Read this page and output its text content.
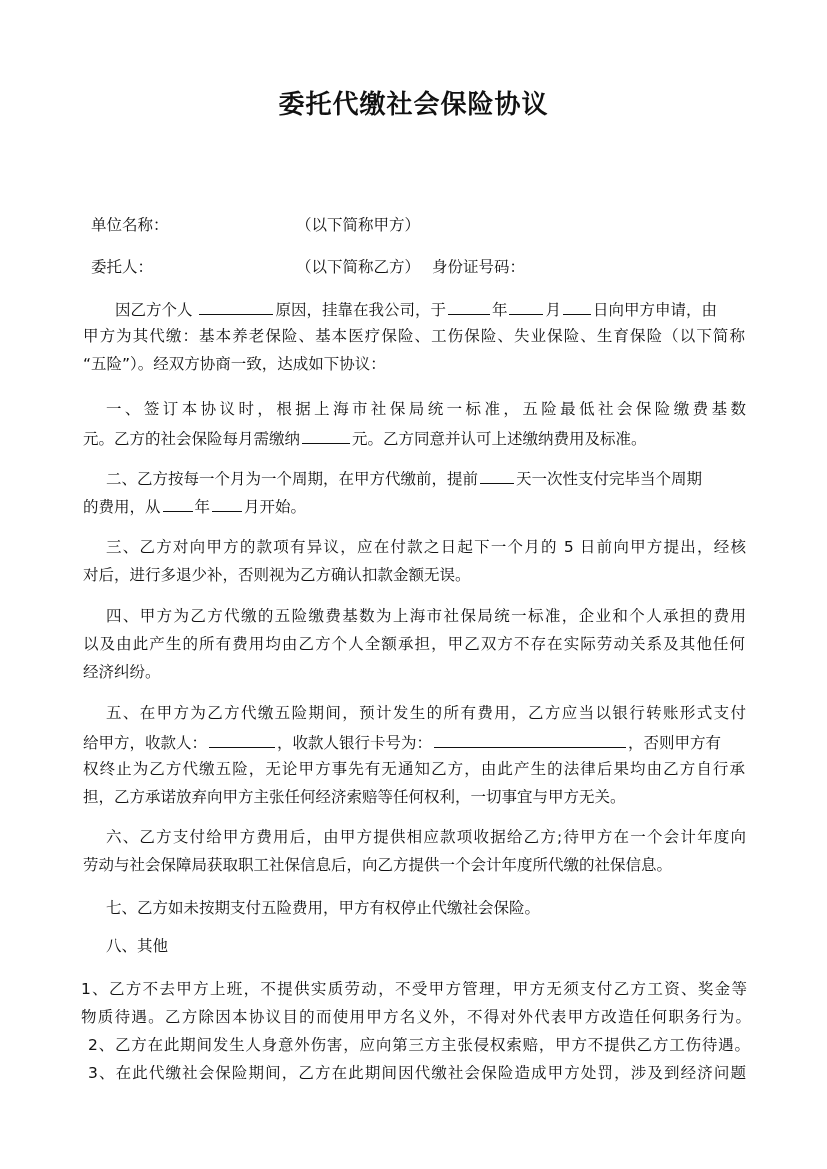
委托代缴社会保险协议
单位名称：	（以下简称甲方）
委托人：	（以下简称乙方） 身份证号码：
因乙方个人	原因，挂靠在我公司，于	年 月 日向甲方申请，由
甲方为其代缴：基本养老保险、基本医疗保险、工伤保险、失业保险、生育保险（以下简称
“五险”）。经双方协商一致，达成如下协议：
一、签订本协议时，根据上海市社保局统一标准，五险最低社会保险缴费基数
元。乙方的社会保险每月需缴纳	元。乙方同意并认可上述缴纳费用及标准。
二、乙方按每一个月为一个周期，在甲方代缴前，提前 天一次性支付完毕当个周期
的费用，从 年 月开始。
三、乙方对向甲方的款项有异议，应在付款之日起下一个月的 5 日前向甲方提出，经核
对后，进行多退少补，否则视为乙方确认扣款金额无误。
四、甲方为乙方代缴的五险缴费基数为上海市社保局统一标准，企业和个人承担的费用
以及由此产生的所有费用均由乙方个人全额承担，甲乙双方不存在实际劳动关系及其他任何
经济纠纷。
五、在甲方为乙方代缴五险期间，预计发生的所有费用，乙方应当以银行转账形式支付
给甲方，收款人：	，收款人银行卡号为：	，否则甲方有
权终止为乙方代缴五险，无论甲方事先有无通知乙方，由此产生的法律后果均由乙方自行承
担，乙方承诺放弃向甲方主张任何经济索赔等任何权利，一切事宜与甲方无关。
六、乙方支付给甲方费用后，由甲方提供相应款项收据给乙方;待甲方在一个会计年度向
劳动与社会保障局获取职工社保信息后，向乙方提供一个会计年度所代缴的社保信息。
七、乙方如未按期支付五险费用，甲方有权停止代缴社会保险。
八、其他
1、乙方不去甲方上班，不提供实质劳动，不受甲方管理，甲方无须支付乙方工资、奖金等
物质待遇。乙方除因本协议目的而使用甲方名义外，不得对外代表甲方改造任何职务行为。
2、乙方在此期间发生人身意外伤害，应向第三方主张侵权索赔，甲方不提供乙方工伤待遇。
3、在此代缴社会保险期间，乙方在此期间因代缴社会保险造成甲方处罚，涉及到经济问题
